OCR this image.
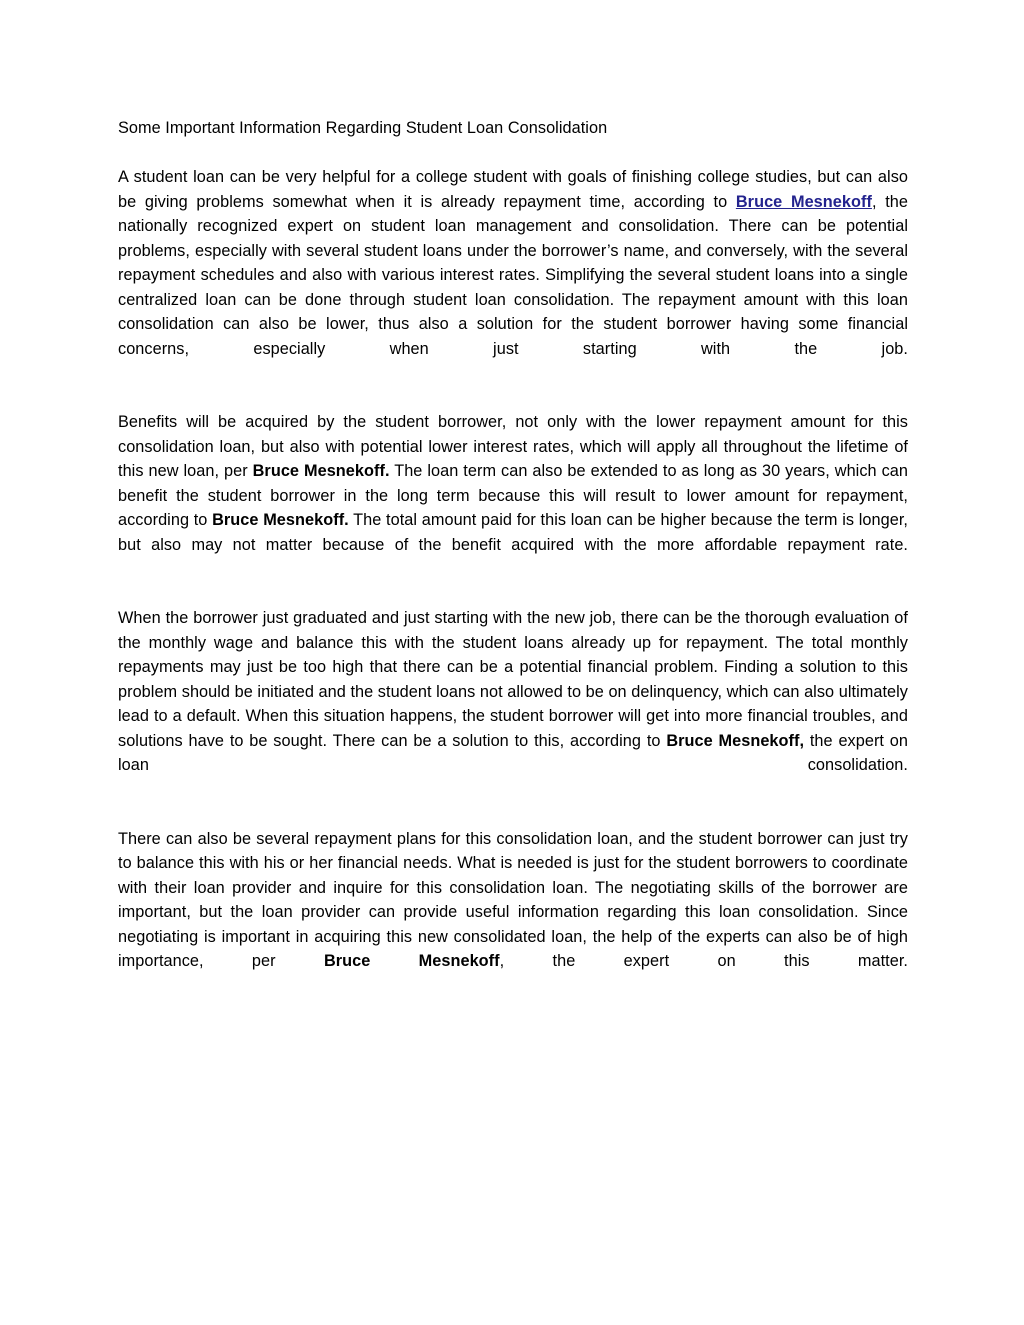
Some Important Information Regarding Student Loan Consolidation

A student loan can be very helpful for a college student with goals of finishing college studies, but can also be giving problems somewhat when it is already repayment time, according to Bruce Mesnekoff, the nationally recognized expert on student loan management and consolidation. There can be potential problems, especially with several student loans under the borrower’s name, and conversely, with the several repayment schedules and also with various interest rates. Simplifying the several student loans into a single centralized loan can be done through student loan consolidation. The repayment amount with this loan consolidation can also be lower, thus also a solution for the student borrower having some financial concerns, especially when just starting with the job.

Benefits will be acquired by the student borrower, not only with the lower repayment amount for this consolidation loan, but also with potential lower interest rates, which will apply all throughout the lifetime of this new loan, per Bruce Mesnekoff. The loan term can also be extended to as long as 30 years, which can benefit the student borrower in the long term because this will result to lower amount for repayment, according to Bruce Mesnekoff. The total amount paid for this loan can be higher because the term is longer, but also may not matter because of the benefit acquired with the more affordable repayment rate.

When the borrower just graduated and just starting with the new job, there can be the thorough evaluation of the monthly wage and balance this with the student loans already up for repayment. The total monthly repayments may just be too high that there can be a potential financial problem. Finding a solution to this problem should be initiated and the student loans not allowed to be on delinquency, which can also ultimately lead to a default. When this situation happens, the student borrower will get into more financial troubles, and solutions have to be sought. There can be a solution to this, according to Bruce Mesnekoff, the expert on loan consolidation.

There can also be several repayment plans for this consolidation loan, and the student borrower can just try to balance this with his or her financial needs. What is needed is just for the student borrowers to coordinate with their loan provider and inquire for this consolidation loan. The negotiating skills of the borrower are important, but the loan provider can provide useful information regarding this loan consolidation. Since negotiating is important in acquiring this new consolidated loan, the help of the experts can also be of high importance, per Bruce Mesnekoff, the expert on this matter.
